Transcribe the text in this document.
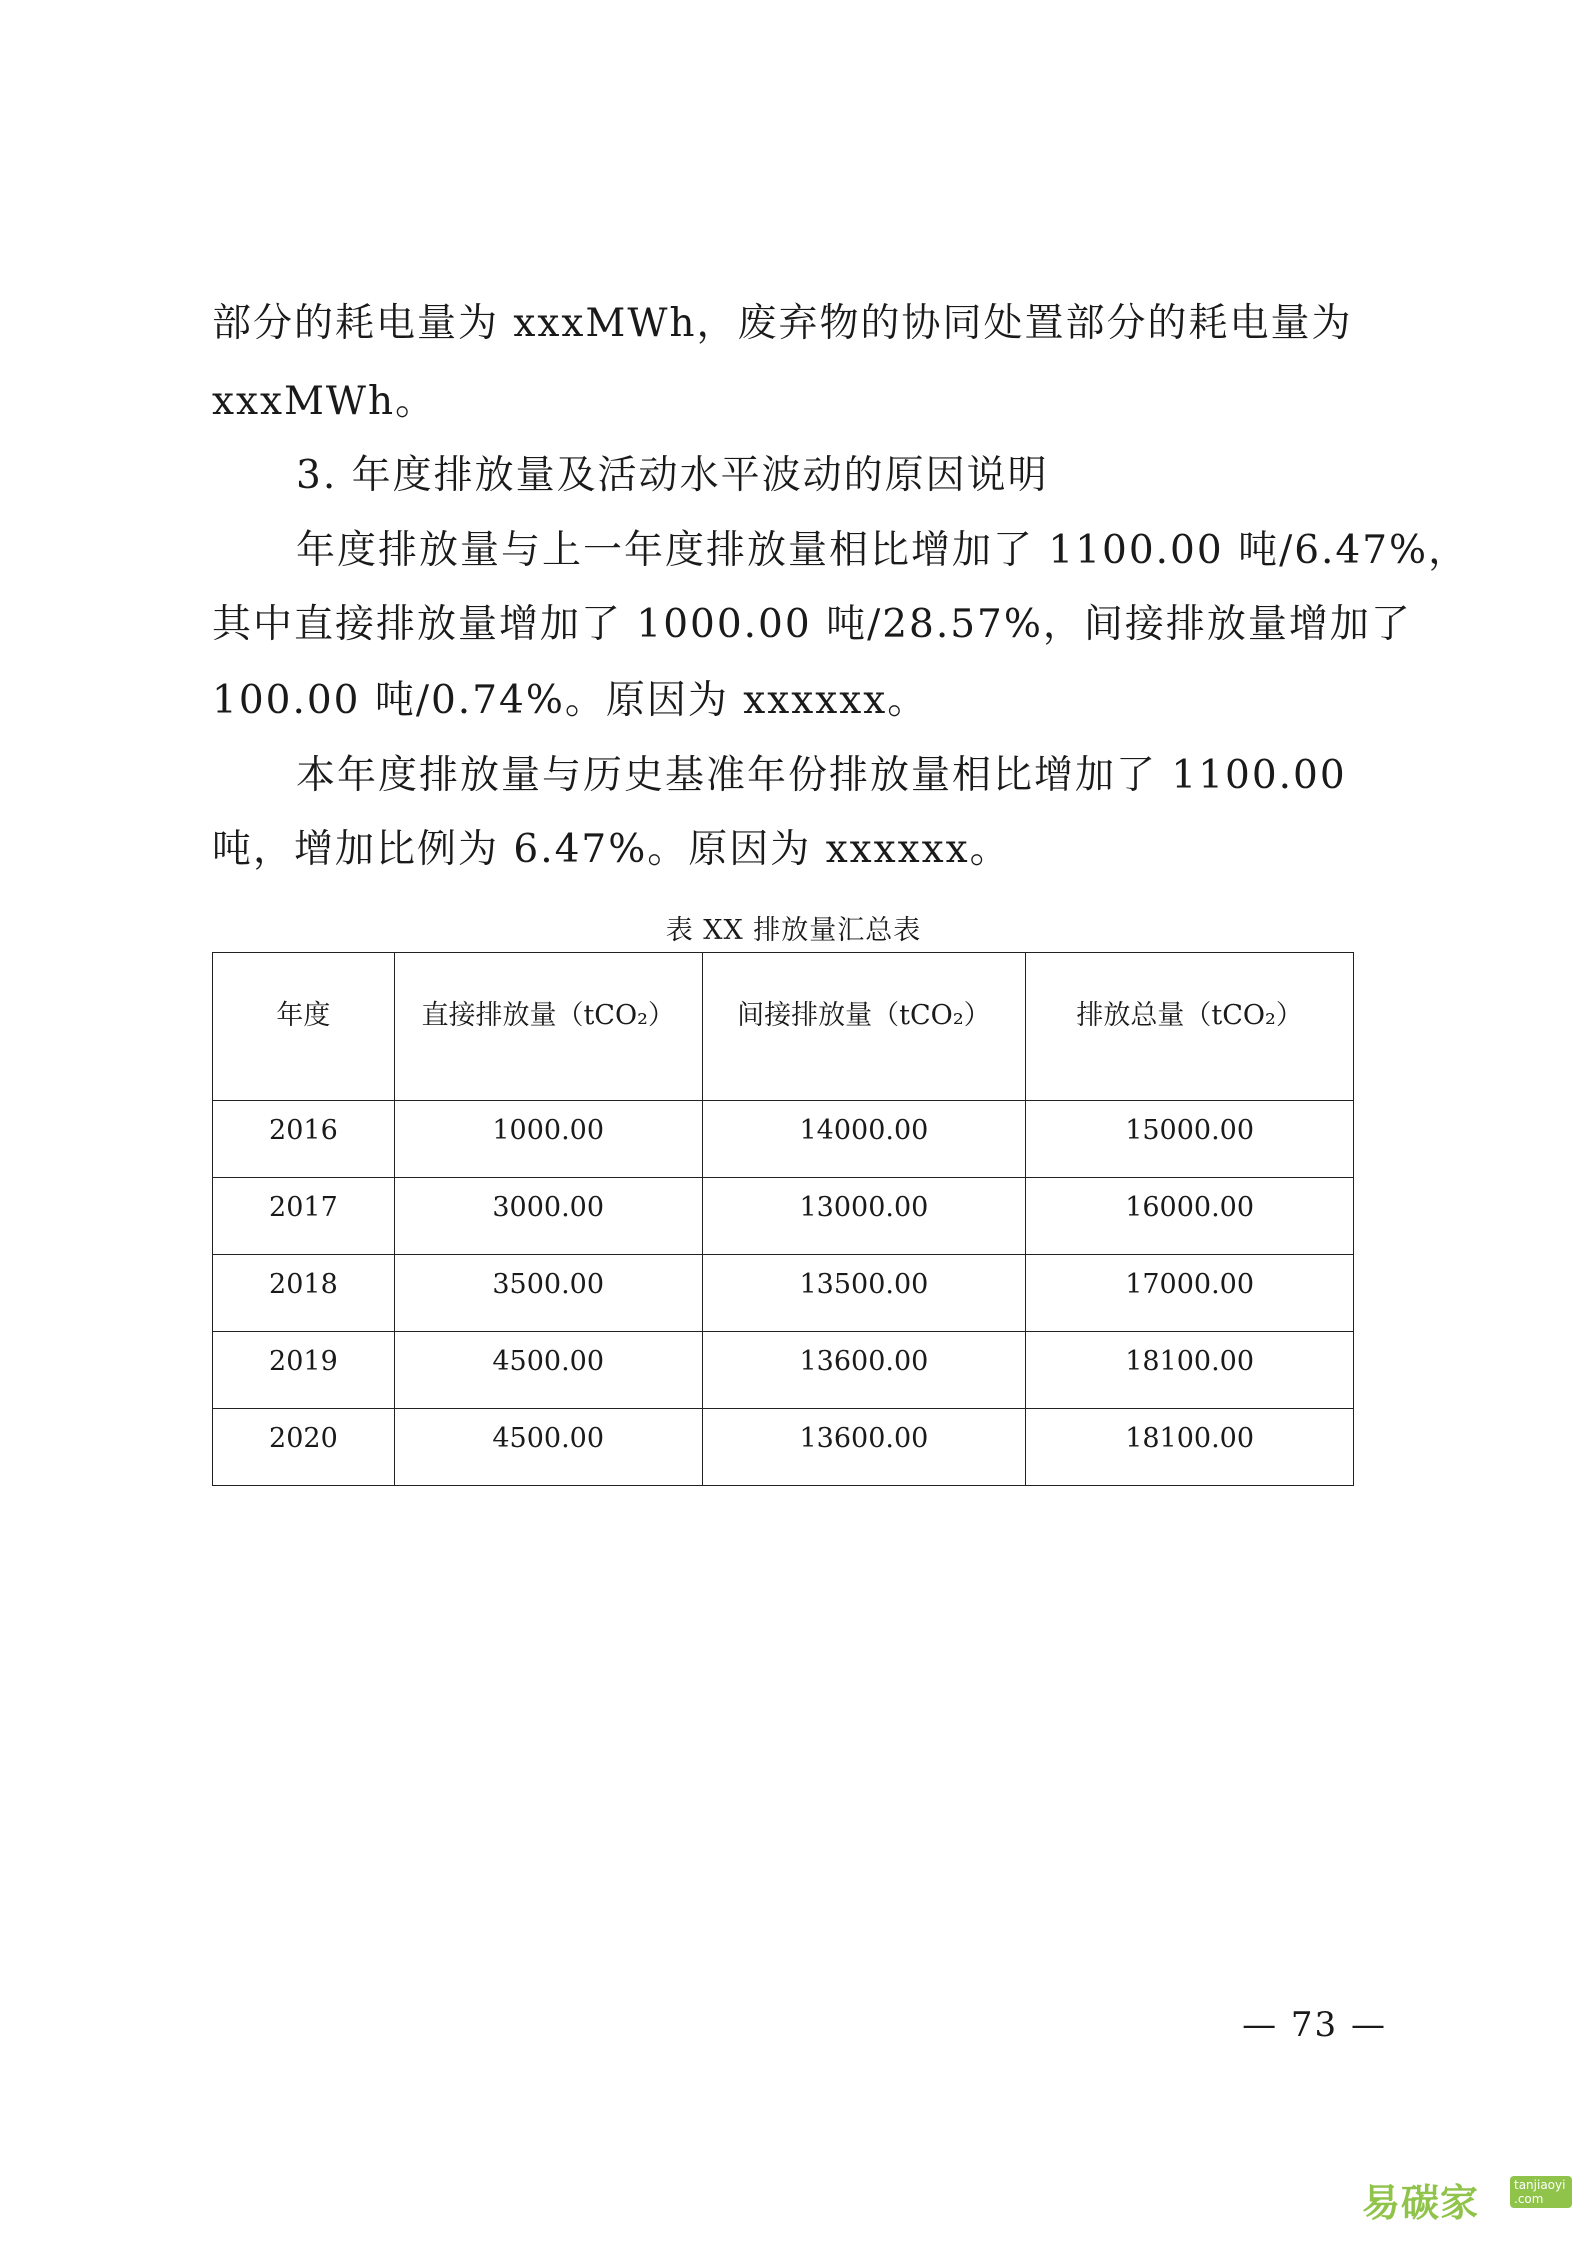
部分的耗电量为 xxxMWh，废弃物的协同处置部分的耗电量为
xxxMWh。
3. 年度排放量及活动水平波动的原因说明
年度排放量与上一年度排放量相比增加了 1100.00 吨/6.47%，
其中直接排放量增加了 1000.00 吨/28.57%，间接排放量增加了
100.00 吨/0.74%。原因为 xxxxxx。
本年度排放量与历史基准年份排放量相比增加了 1100.00
吨，增加比例为 6.47%。原因为 xxxxxx。
表 XX 排放量汇总表
年度	直接排放量（tCO₂）	间接排放量（tCO₂）	排放总量（tCO₂）
2016	1000.00	14000.00	15000.00
2017	3000.00	13000.00	16000.00
2018	3500.00	13500.00	17000.00
2019	4500.00	13600.00	18100.00
2020	4500.00	13600.00	18100.00
— 73 —
易碳家	tanjiaoyi .com
